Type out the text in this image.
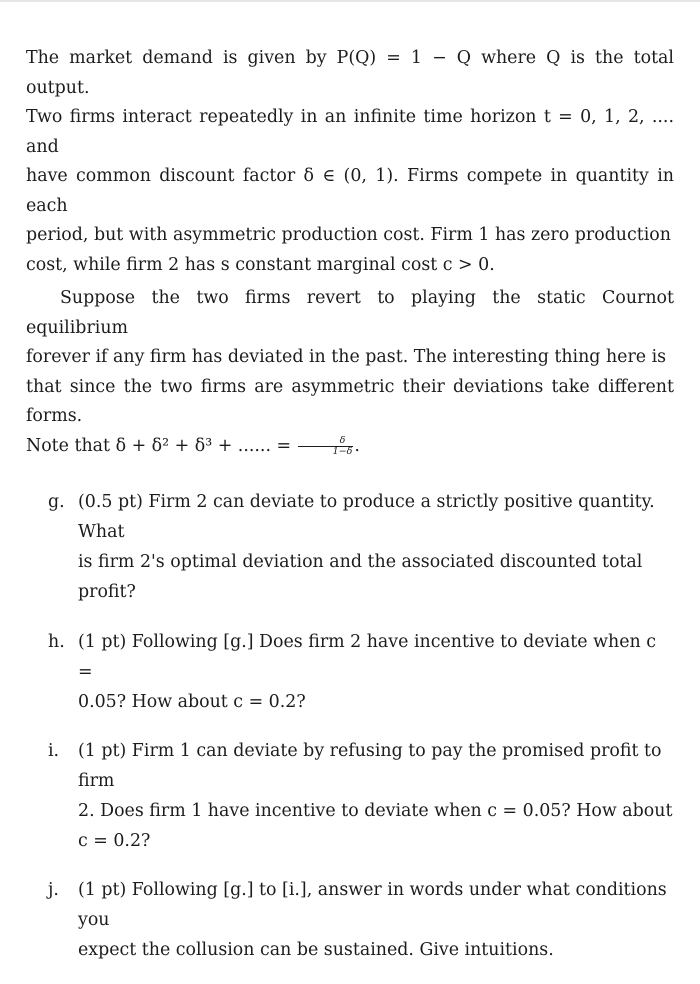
The market demand is given by P(Q) = 1 − Q where Q is the total output.
Two firms interact repeatedly in an infinite time horizon t = 0, 1, 2, .... and
have common discount factor δ ∈ (0, 1). Firms compete in quantity in each
period, but with asymmetric production cost. Firm 1 has zero production
cost, while firm 2 has s constant marginal cost c > 0.

Suppose the two firms revert to playing the static Cournot equilibrium
forever if any firm has deviated in the past. The interesting thing here is
that since the two firms are asymmetric their deviations take different forms.
Note that δ + δ² + δ³ + ...... = $\frac{\delta}{1-\delta}$ .

g. (0.5 pt) Firm 2 can deviate to produce a strictly positive quantity. What
is firm 2's optimal deviation and the associated discounted total profit?
h. (1 pt) Following [g.] Does firm 2 have incentive to deviate when c =
0.05? How about c = 0.2?
i. (1 pt) Firm 1 can deviate by refusing to pay the promised profit to firm
2. Does firm 1 have incentive to deviate when c = 0.05? How about
c = 0.2?
j. (1 pt) Following [g.] to [i.], answer in words under what conditions you
expect the collusion can be sustained. Give intuitions.
